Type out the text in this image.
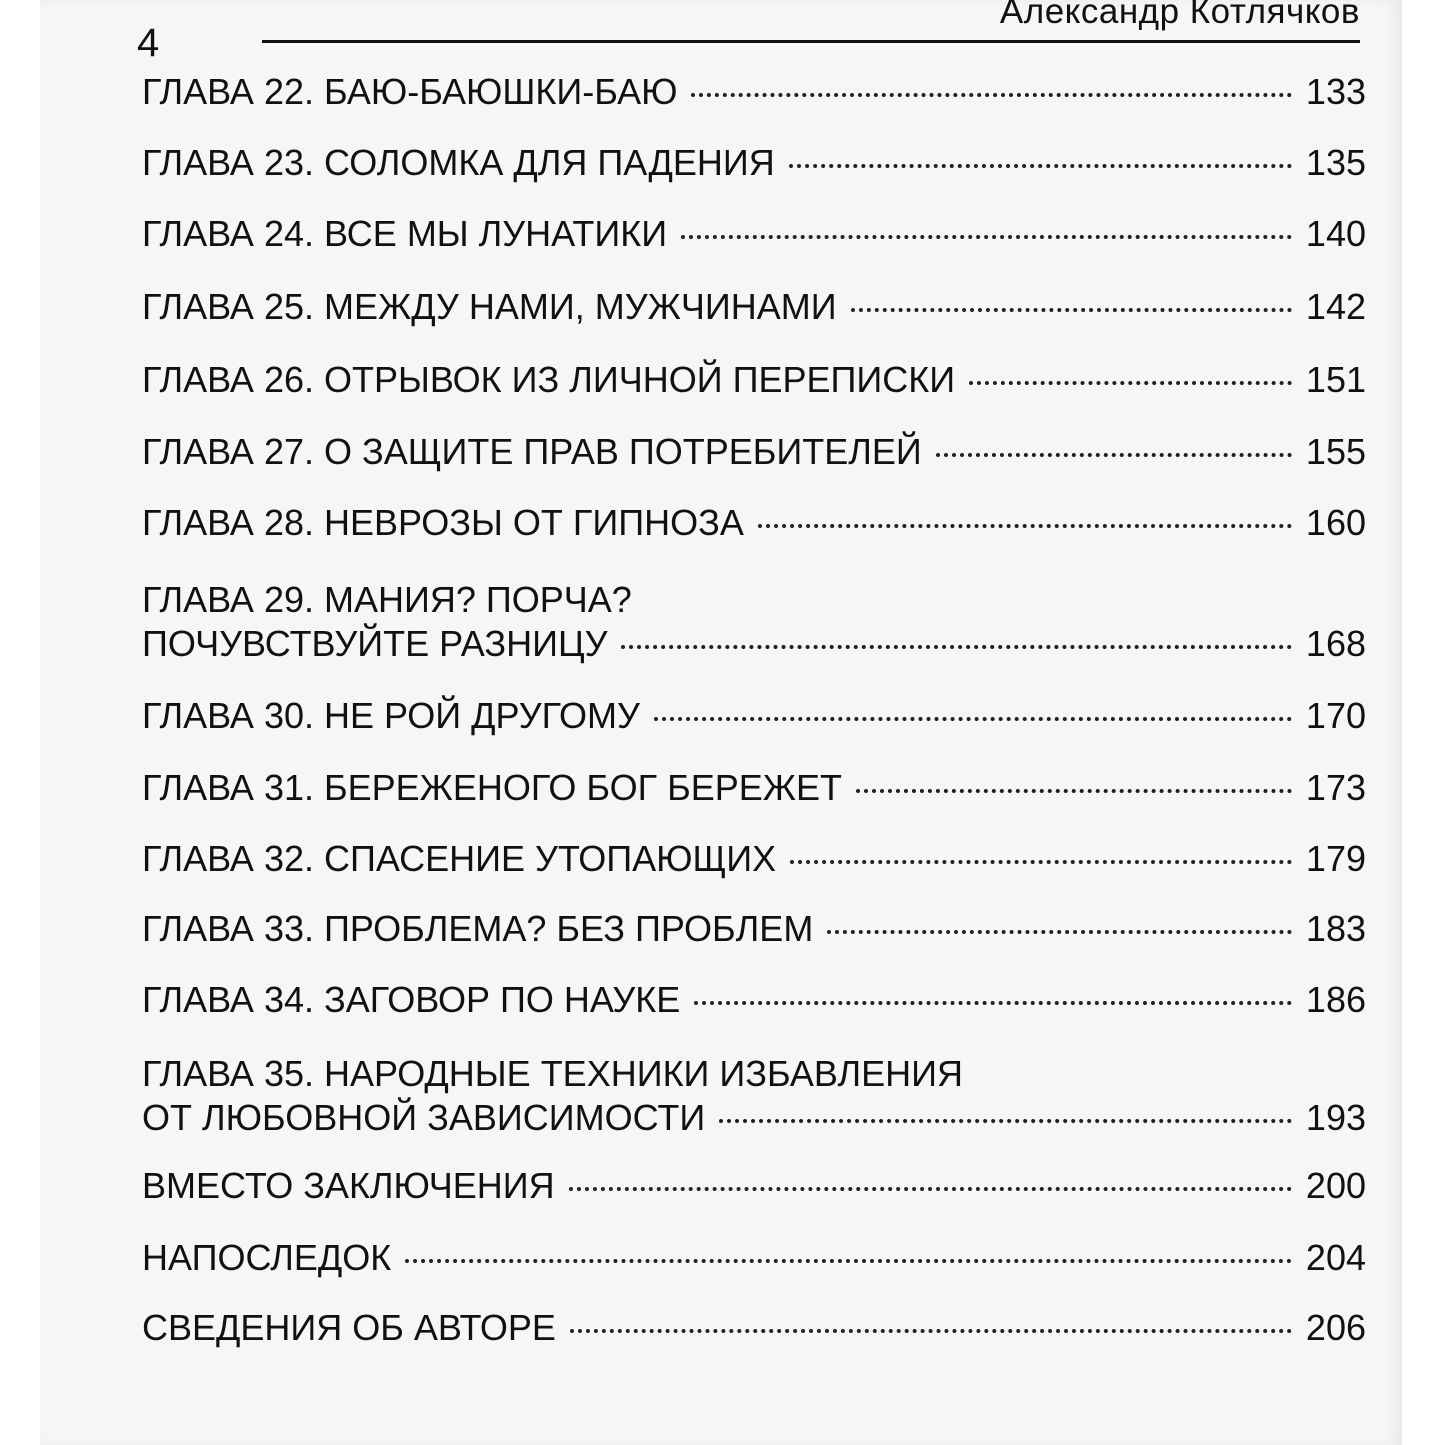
4
Александр Котлячков
ГЛАВА 22. БАЮ-БАЮШКИ-БАЮ	133
ГЛАВА 23. СОЛОМКА ДЛЯ ПАДЕНИЯ	135
ГЛАВА 24. ВСЕ МЫ ЛУНАТИКИ	140
ГЛАВА 25. МЕЖДУ НАМИ, МУЖЧИНАМИ	142
ГЛАВА 26. ОТРЫВОК ИЗ ЛИЧНОЙ ПЕРЕПИСКИ	151
ГЛАВА 27. О ЗАЩИТЕ ПРАВ ПОТРЕБИТЕЛЕЙ	155
ГЛАВА 28. НЕВРОЗЫ ОТ ГИПНОЗА	160
ГЛАВА 29. МАНИЯ? ПОРЧА?
ПОЧУВСТВУЙТЕ РАЗНИЦУ	168
ГЛАВА 30. НЕ РОЙ ДРУГОМУ	170
ГЛАВА 31. БЕРЕЖЕНОГО БОГ БЕРЕЖЕТ	173
ГЛАВА 32. СПАСЕНИЕ УТОПАЮЩИХ	179
ГЛАВА 33. ПРОБЛЕМА? БЕЗ ПРОБЛЕМ	183
ГЛАВА 34. ЗАГОВОР ПО НАУКЕ	186
ГЛАВА 35. НАРОДНЫЕ ТЕХНИКИ ИЗБАВЛЕНИЯ
ОТ ЛЮБОВНОЙ ЗАВИСИМОСТИ	193
ВМЕСТО ЗАКЛЮЧЕНИЯ	200
НАПОСЛЕДОК	204
СВЕДЕНИЯ ОБ АВТОРЕ	206
